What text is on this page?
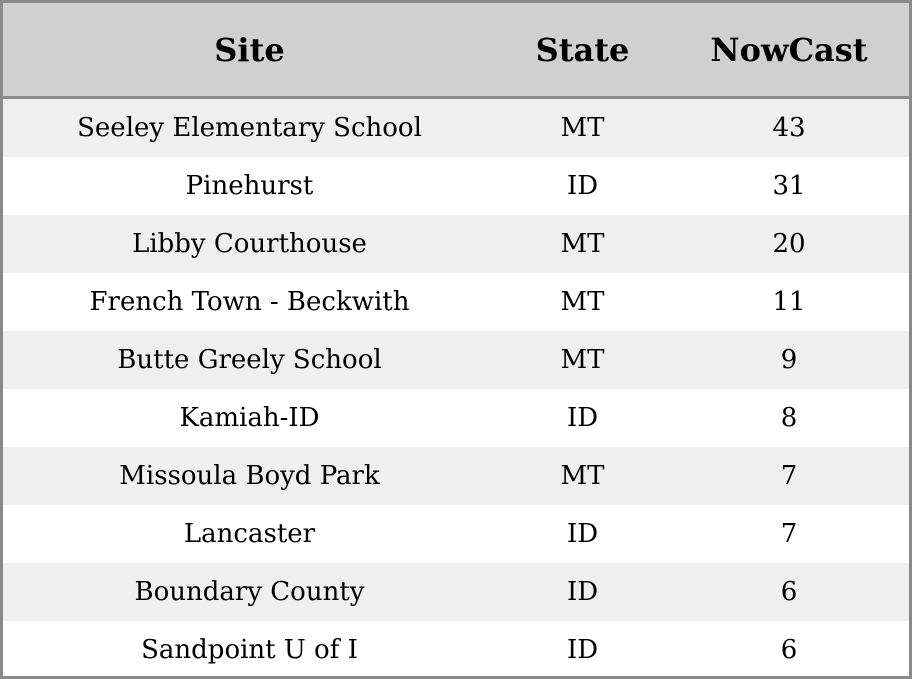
Site	State	NowCast
Seeley Elementary School	MT	43
Pinehurst	ID	31
Libby Courthouse	MT	20
French Town - Beckwith	MT	11
Butte Greely School	MT	9
Kamiah-ID	ID	8
Missoula Boyd Park	MT	7
Lancaster	ID	7
Boundary County	ID	6
Sandpoint U of I	ID	6
